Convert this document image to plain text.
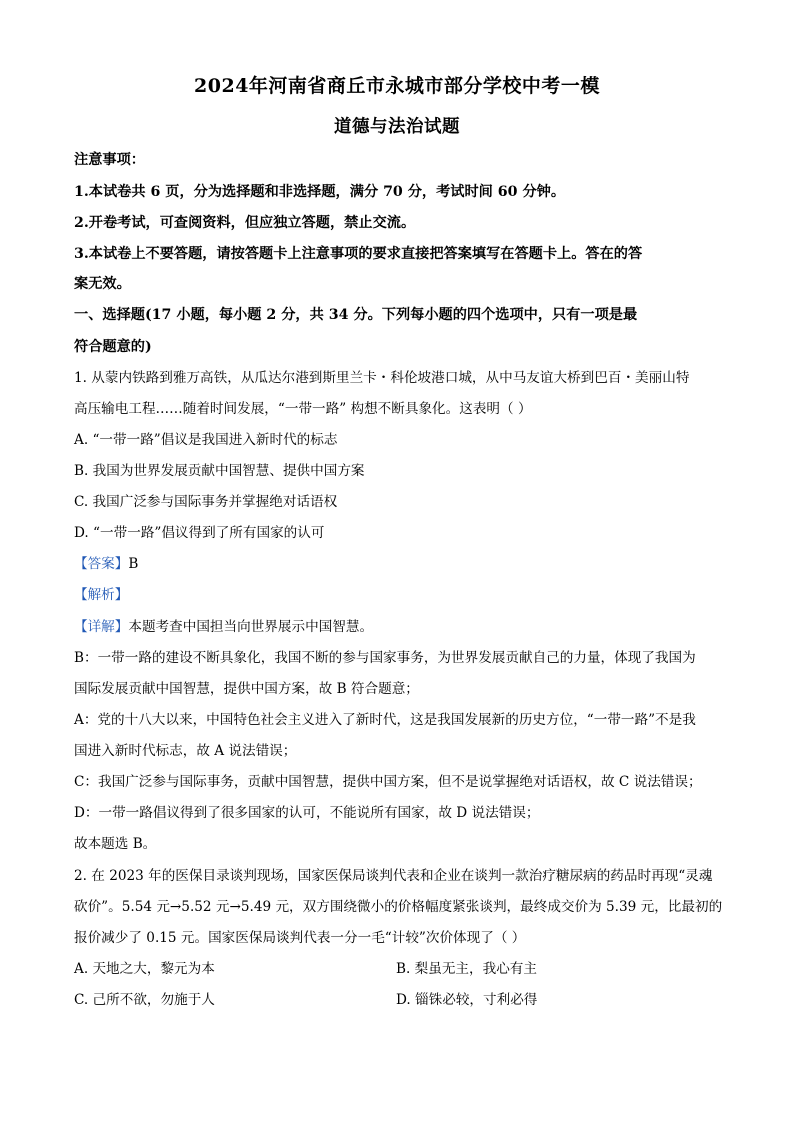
2024年河南省商丘市永城市部分学校中考一模
道德与法治试题
注意事项：
1.本试卷共 6 页，分为选择题和非选择题，满分 70 分，考试时间 60 分钟。
2.开卷考试，可查阅资料，但应独立答题，禁止交流。
3.本试卷上不要答题，请按答题卡上注意事项的要求直接把答案填写在答题卡上。答在的答
案无效。
一、选择题(17 小题，每小题 2 分，共 34 分。下列每小题的四个选项中，只有一项是最
符合题意的)
1. 从蒙内铁路到雅万高铁，从瓜达尔港到斯里兰卡・科伦坡港口城，从中马友谊大桥到巴百・美丽山特
高压输电工程……随着时间发展，“一带一路” 构想不断具象化。这表明（ ）
A. “一带一路”倡议是我国进入新时代的标志
B. 我国为世界发展贡献中国智慧、提供中国方案
C. 我国广泛参与国际事务并掌握绝对话语权
D. “一带一路”倡议得到了所有国家的认可
【答案】B
【解析】
【详解】本题考查中国担当向世界展示中国智慧。
B：一带一路的建设不断具象化，我国不断的参与国家事务，为世界发展贡献自己的力量，体现了我国为
国际发展贡献中国智慧，提供中国方案，故 B 符合题意；
A：党的十八大以来，中国特色社会主义进入了新时代，这是我国发展新的历史方位，“一带一路”不是我
国进入新时代标志，故 A 说法错误；
C：我国广泛参与国际事务，贡献中国智慧，提供中国方案，但不是说掌握绝对话语权，故 C 说法错误；
D：一带一路倡议得到了很多国家的认可，不能说所有国家，故 D 说法错误；
故本题选 B。
2. 在 2023 年的医保目录谈判现场，国家医保局谈判代表和企业在谈判一款治疗糖尿病的药品时再现“灵魂
砍价”。5.54 元→5.52 元→5.49 元，双方围绕微小的价格幅度紧张谈判，最终成交价为 5.39 元，比最初的
报价减少了 0.15 元。国家医保局谈判代表一分一毛“计较”次价体现了（ ）
A. 天地之大，黎元为本	B. 梨虽无主，我心有主
C. 己所不欲，勿施于人	D. 锱铢必较，寸利必得
